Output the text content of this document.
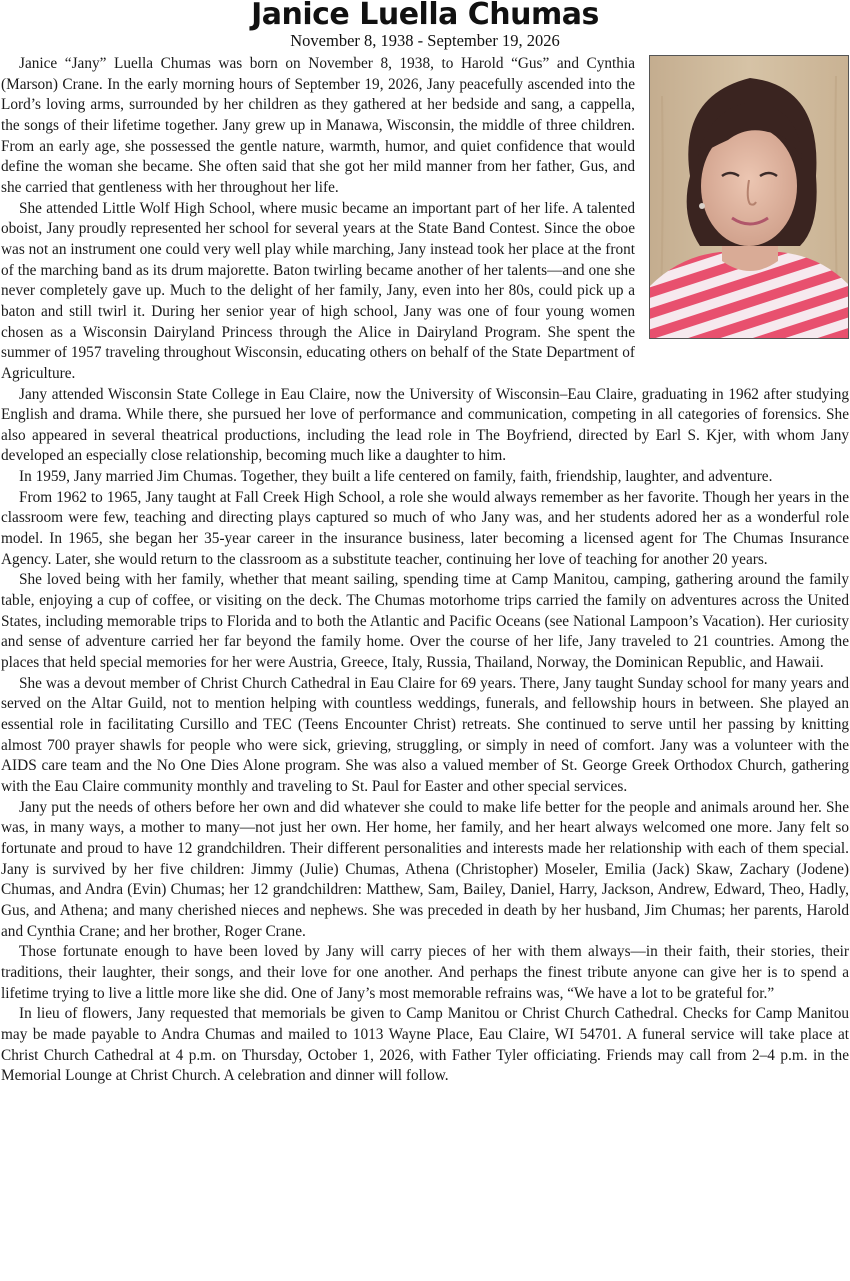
Janice Luella Chumas
November 8, 1938 - September 19, 2026

Janice “Jany” Luella Chumas was born on November 8, 1938, to Harold “Gus” and Cynthia (Marson) Crane. In the early morning hours of September 19, 2026, Jany peacefully ascended into the Lord’s loving arms, surrounded by her children as they gathered at her bedside and sang, a cappella, the songs of their lifetime together. Jany grew up in Manawa, Wisconsin, the middle of three children. From an early age, she possessed the gentle nature, warmth, humor, and quiet confidence that would define the woman she became. She often said that she got her mild manner from her father, Gus, and she carried that gentleness with her throughout her life.

She attended Little Wolf High School, where music became an important part of her life. A talented oboist, Jany proudly represented her school for several years at the State Band Contest. Since the oboe was not an instrument one could very well play while marching, Jany instead took her place at the front of the marching band as its drum majorette. Baton twirling became another of her talents—and one she never completely gave up. Much to the delight of her family, Jany, even into her 80s, could pick up a baton and still twirl it. During her senior year of high school, Jany was one of four young women chosen as a Wisconsin Dairyland Princess through the Alice in Dairyland Program. She spent the summer of 1957 traveling throughout Wisconsin, educating others on behalf of the State Department of Agriculture.

Jany attended Wisconsin State College in Eau Claire, now the University of Wisconsin–Eau Claire, graduating in 1962 after studying English and drama. While there, she pursued her love of performance and communication, competing in all categories of forensics. She also appeared in several theatrical productions, including the lead role in The Boyfriend, directed by Earl S. Kjer, with whom Jany developed an especially close relationship, becoming much like a daughter to him.

In 1959, Jany married Jim Chumas. Together, they built a life centered on family, faith, friendship, laughter, and adventure.

From 1962 to 1965, Jany taught at Fall Creek High School, a role she would always remember as her favorite. Though her years in the classroom were few, teaching and directing plays captured so much of who Jany was, and her students adored her as a wonderful role model. In 1965, she began her 35-year career in the insurance business, later becoming a licensed agent for The Chumas Insurance Agency. Later, she would return to the classroom as a substitute teacher, continuing her love of teaching for another 20 years.

She loved being with her family, whether that meant sailing, spending time at Camp Manitou, camping, gathering around the family table, enjoying a cup of coffee, or visiting on the deck. The Chumas motorhome trips carried the family on adventures across the United States, including memorable trips to Florida and to both the Atlantic and Pacific Oceans (see National Lampoon’s Vacation). Her curiosity and sense of adventure carried her far beyond the family home. Over the course of her life, Jany traveled to 21 countries. Among the places that held special memories for her were Austria, Greece, Italy, Russia, Thailand, Norway, the Dominican Republic, and Hawaii.

She was a devout member of Christ Church Cathedral in Eau Claire for 69 years. There, Jany taught Sunday school for many years and served on the Altar Guild, not to mention helping with countless weddings, funerals, and fellowship hours in between. She played an essential role in facilitating Cursillo and TEC (Teens Encounter Christ) retreats. She continued to serve until her passing by knitting almost 700 prayer shawls for people who were sick, grieving, struggling, or simply in need of comfort. Jany was a volunteer with the AIDS care team and the No One Dies Alone program. She was also a valued member of St. George Greek Orthodox Church, gathering with the Eau Claire community monthly and traveling to St. Paul for Easter and other special services.

Jany put the needs of others before her own and did whatever she could to make life better for the people and animals around her. She was, in many ways, a mother to many—not just her own. Her home, her family, and her heart always welcomed one more. Jany felt so fortunate and proud to have 12 grandchildren. Their different personalities and interests made her relationship with each of them special. Jany is survived by her five children: Jimmy (Julie) Chumas, Athena (Christopher) Moseler, Emilia (Jack) Skaw, Zachary (Jodene) Chumas, and Andra (Evin) Chumas; her 12 grandchildren: Matthew, Sam, Bailey, Daniel, Harry, Jackson, Andrew, Edward, Theo, Hadly, Gus, and Athena; and many cherished nieces and nephews. She was preceded in death by her husband, Jim Chumas; her parents, Harold and Cynthia Crane; and her brother, Roger Crane.

Those fortunate enough to have been loved by Jany will carry pieces of her with them always—in their faith, their stories, their traditions, their laughter, their songs, and their love for one another. And perhaps the finest tribute anyone can give her is to spend a lifetime trying to live a little more like she did. One of Jany’s most memorable refrains was, “We have a lot to be grateful for.”

In lieu of flowers, Jany requested that memorials be given to Camp Manitou or Christ Church Cathedral. Checks for Camp Manitou may be made payable to Andra Chumas and mailed to 1013 Wayne Place, Eau Claire, WI 54701. A funeral service will take place at Christ Church Cathedral at 4 p.m. on Thursday, October 1, 2026, with Father Tyler officiating. Friends may call from 2–4 p.m. in the Memorial Lounge at Christ Church. A celebration and dinner will follow.
